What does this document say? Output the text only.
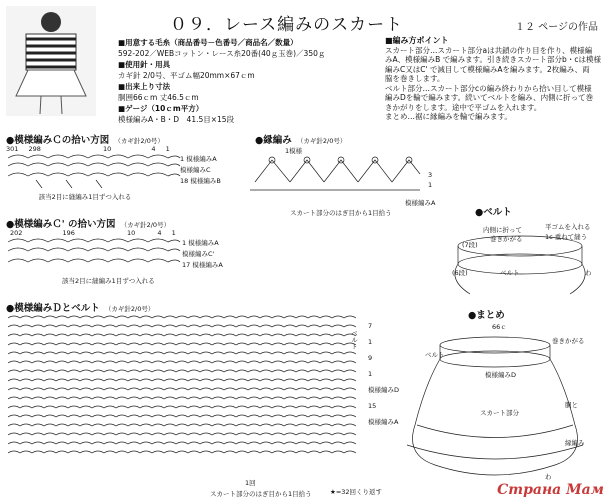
０９．レース編みのスカート	１２ ページの作品
■用意する毛糸（商品番号－色番号／商品名／数量）
592-202／WEBコットン・レース糸20番(40ｇ玉巻)／350ｇ
■使用針・用具
カギ針 2/0号、平ゴム幅20mm×67ｃm
■出来上り寸法
胴囲66ｃm 丈46.5ｃm
■ゲージ（10ｃm平方）
模様編みA・B・D　41.5目×15段
■編み方ポイント
スカート部分…スカート部分aは共鎖の作り目を作り、模様編
みA、模様編みB で編みます。引き続きスカート部分b・cは模様
編みC又はC' で減目して模様編みAを編みます。2枚編み、両
脇を巻きします。
ベルト部分…スカート部分cの編み終わりから拾い目して模様
編みDを輪で編みます。続いてベルトを編み、内側に折って巻
きかがりをします。途中で平ゴムを入れます。
まとめ…裾に縁編みを輪で編みます。
●模様編みＣの拾い方図 （カギ針2/0号）
301 298	10	4 1
1 模様編みA
模様編みC
18 模様編みB
　 該当2目に縫編み1目ずつ入れる
●縁編み （カギ針2/0号）
1模様
3
1
模様編みA
スカート部分のはぎ目から1目拾う
●模様編みＣ' の拾い方図 （カギ針2/0号）
202	196	10	4 1
1 模様編みA
模様編みC'
17 模様編みA
該当2目に縫編み1目ずつ入れる
●ベルト
平ゴムを入れる
1c 重ねて縫う
内側に折って
巻きかがる
(7段)
(6段)	ベルト	わ
●模様編みＤとベルト （カギ針2/0号）
7
1
9
1
模様編みD
15
模様編みA
ベルト
1回
スカート部分のはぎ目から1目拾う	★=32回くり返す
●まとめ
66ｃ
巻きかがる
ベルト
模様編みD
スカート部分
胴と
縁編み
わ
Страна Мам
